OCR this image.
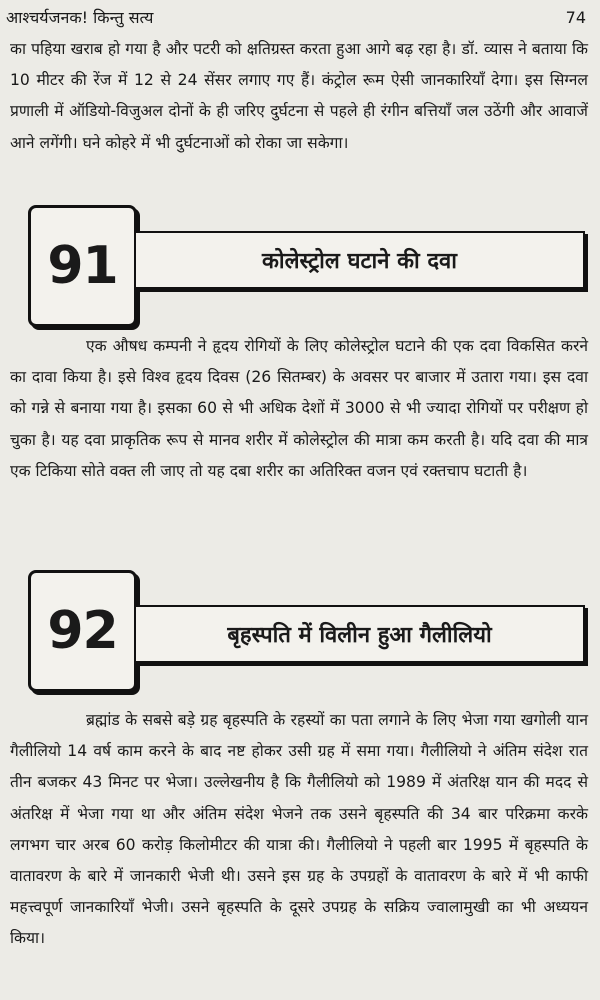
आश्चर्यजनक! किन्तु सत्य	74

का पहिया खराब हो गया है और पटरी को क्षतिग्रस्त करता हुआ आगे बढ़ रहा है। डॉ. व्यास ने बताया कि 10 मीटर की रेंज में 12 से 24 सेंसर लगाए गए हैं। कंट्रोल रूम ऐसी जानकारियाँ देगा। इस सिग्नल प्रणाली में ऑडियो-विजुअल दोनों के ही जरिए दुर्घटना से पहले ही रंगीन बत्तियाँ जल उठेंगी और आवाजें आने लगेंगी। घने कोहरे में भी दुर्घटनाओं को रोका जा सकेगा।

91	कोलेस्ट्रोल घटाने की दवा

एक औषध कम्पनी ने हृदय रोगियों के लिए कोलेस्ट्रोल घटाने की एक दवा विकसित करने का दावा किया है। इसे विश्व हृदय दिवस (26 सितम्बर) के अवसर पर बाजार में उतारा गया। इस दवा को गन्ने से बनाया गया है। इसका 60 से भी अधिक देशों में 3000 से भी ज्यादा रोगियों पर परीक्षण हो चुका है। यह दवा प्राकृतिक रूप से मानव शरीर में कोलेस्ट्रोल की मात्रा कम करती है। यदि दवा की मात्र एक टिकिया सोते वक्त ली जाए तो यह दबा शरीर का अतिरिक्त वजन एवं रक्तचाप घटाती है।

92	बृहस्पति में विलीन हुआ गैलीलियो

ब्रह्मांड के सबसे बड़े ग्रह बृहस्पति के रहस्यों का पता लगाने के लिए भेजा गया खगोली यान गैलीलियो 14 वर्ष काम करने के बाद नष्ट होकर उसी ग्रह में समा गया। गैलीलियो ने अंतिम संदेश रात तीन बजकर 43 मिनट पर भेजा। उल्लेखनीय है कि गैलीलियो को 1989 में अंतरिक्ष यान की मदद से अंतरिक्ष में भेजा गया था और अंतिम संदेश भेजने तक उसने बृहस्पति की 34 बार परिक्रमा करके लगभग चार अरब 60 करोड़ किलोमीटर की यात्रा की। गैलीलियो ने पहली बार 1995 में बृहस्पति के वातावरण के बारे में जानकारी भेजी थी। उसने इस ग्रह के उपग्रहों के वातावरण के बारे में भी काफी महत्त्वपूर्ण जानकारियाँ भेजी। उसने बृहस्पति के दूसरे उपग्रह के सक्रिय ज्वालामुखी का भी अध्ययन किया।
